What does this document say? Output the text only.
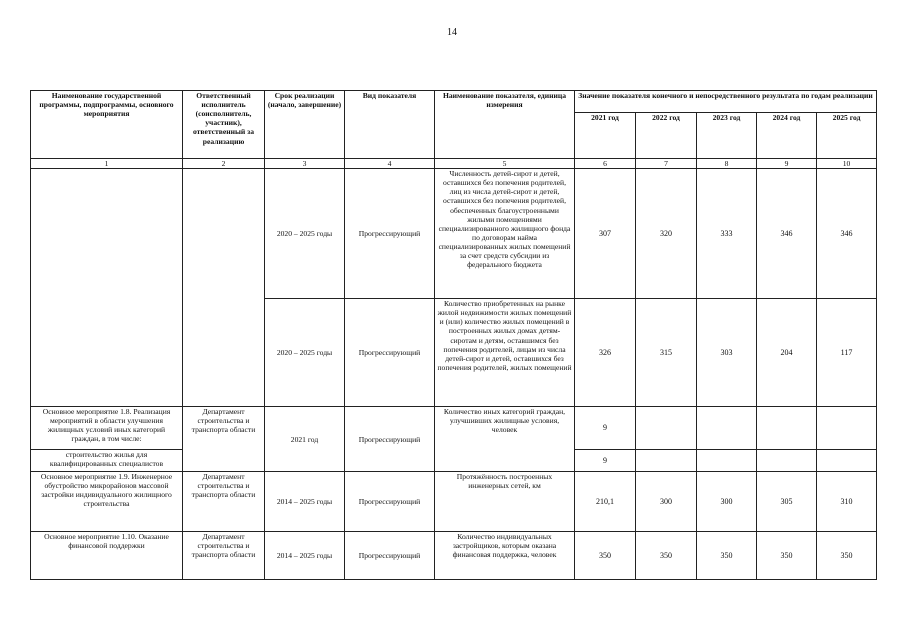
14
Наименование государственной программы, подпрограммы, основного мероприятия	Ответственный исполнитель (соисполнитель, участник), ответственный за реализацию	Срок реализации (начало, завершение)	Вид показателя	Наименование показателя, единица измерения	Значение показателя конечного и непосредственного результата по годам реализации				
					2021 год	2022 год	2023 год	2024 год	2025 год
1	2	3	4	5	6	7	8	9	10
		2020 – 2025 годы	Прогрессирующий	Численность детей-сирот и детей, оставшихся без попечения родителей, лиц из числа детей-сирот и детей, оставшихся без попечения родителей, обеспеченных благоустроенными жилыми помещениями специализированного жилищного фонда по договорам найма специализированных жилых помещений за счет средств субсидии из федерального бюджета	307	320	333	346	346
		2020 – 2025 годы	Прогрессирующий	Количество приобретенных на рынке жилой недвижимости жилых помещений и (или) количество жилых помещений в построенных жилых домах детям-сиротам и детям, оставшимся без попечения родителей, лицам из числа детей-сирот и детей, оставшихся без попечения родителей, жилых помещений	326	315	303	204	117
Основное мероприятие 1.8. Реализация мероприятий в области улучшения жилищных условий иных категорий граждан, в том числе:	Департамент строительства и транспорта области	2021 год	Прогрессирующий	Количество иных категорий граждан, улучшивших жилищные условия, человек	9				
строительство жилья для квалифицированных специалистов					9				
Основное мероприятие 1.9. Инженерное обустройство микрорайонов массовой застройки индивидуального жилищного строительства	Департамент строительства и транспорта области	2014 – 2025 годы	Прогрессирующий	Протяжённость построенных инженерных сетей, км	210,1	300	300	305	310
Основное мероприятие 1.10. Оказание финансовой поддержки	Департамент строительства и транспорта области	2014 – 2025 годы	Прогрессирующий	Количество индивидуальных застройщиков, которым оказана финансовая поддержка, человек	350	350	350	350	350
